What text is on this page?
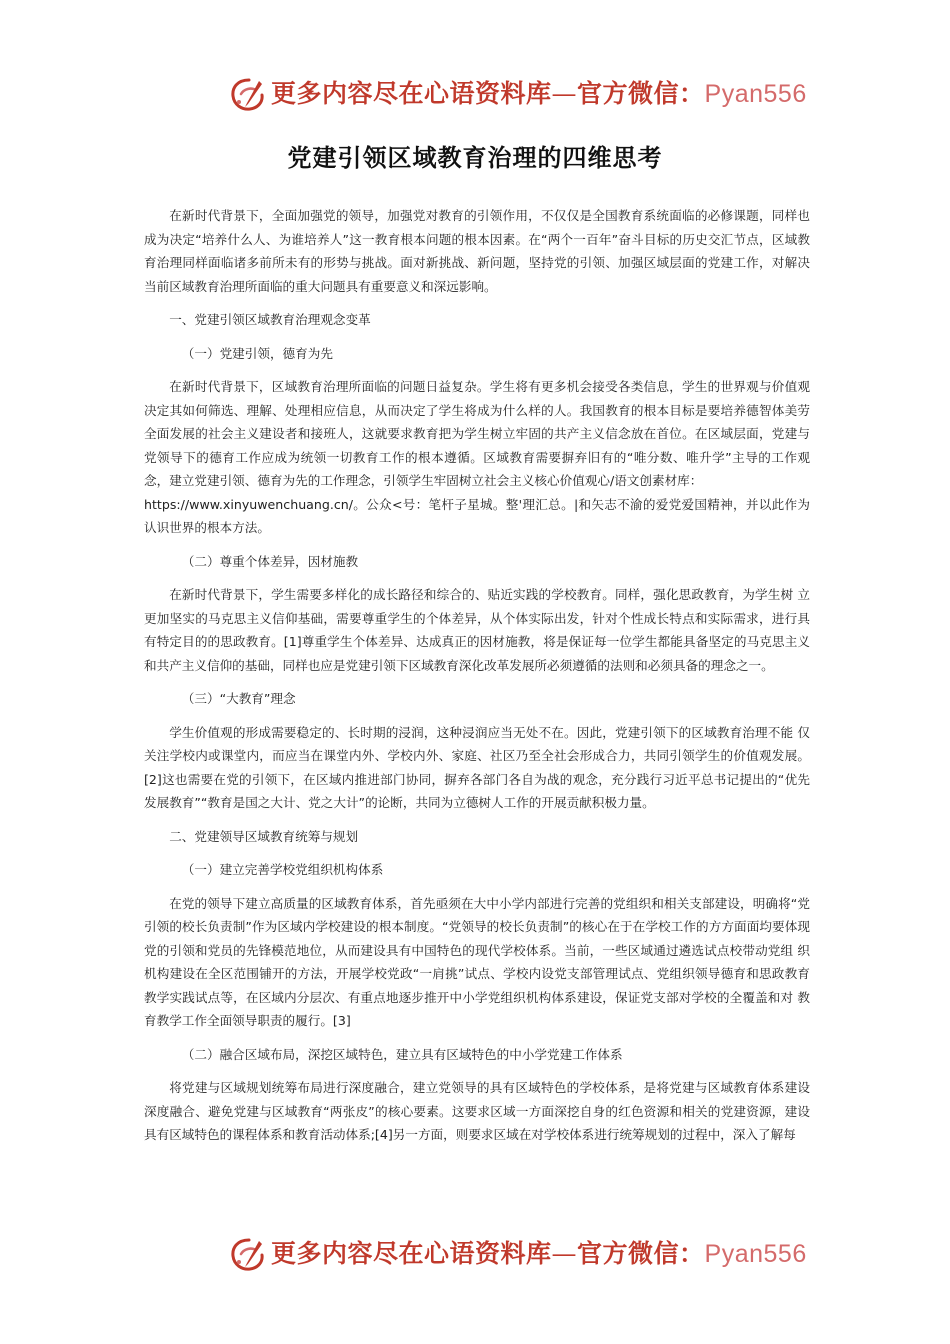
更多内容尽在心语资料库—官方微信：Pyan556
党建引领区域教育治理的四维思考

在新时代背景下，全面加强党的领导，加强党对教育的引领作用，不仅仅是全国教育系统面临的必修课题，同样也成为决定“培养什么人、为谁培养人”这一教育根本问题的根本因素。在“两个一百年”奋斗目标的历史交汇节点，区域教育治理同样面临诸多前所未有的形势与挑战。面对新挑战、新问题，坚持党的引领、加强区域层面的党建工作，对解决 当前区域教育治理所面临的重大问题具有重要意义和深远影响。

一、党建引领区域教育治理观念变革

（一）党建引领，德育为先

在新时代背景下，区域教育治理所面临的问题日益复杂。学生将有更多机会接受各类信息，学生的世界观与价值观决定其如何筛选、理解、处理相应信息，从而决定了学生将成为什么样的人。我国教育的根本目标是要培养德智体美劳全面发展的社会主义建设者和接班人，这就要求教育把为学生树立牢固的共产主义信念放在首位。在区域层面，党建与党领导下的德育工作应成为统领一切教育工作的根本遵循。区域教育需要摒弃旧有的“唯分数、唯升学”主导的工作观念，建立党建引领、德育为先的工作理念，引领学生牢固树立社会主义核心价值观心/语文创素材库：

https://www.xinyuwenchuang.cn/。公众<号：笔杆子星城。整'理汇总。|和矢志不渝的爱党爱国精神，并以此作为认识世界的根本方法。

（二）尊重个体差异，因材施教

在新时代背景下，学生需要多样化的成长路径和综合的、贴近实践的学校教育。同样，强化思政教育，为学生树 立更加坚实的马克思主义信仰基础，需要尊重学生的个体差异，从个体实际出发，针对个性成长特点和实际需求，进行具有特定目的的思政教育。[1]尊重学生个体差异、达成真正的因材施教，将是保证每一位学生都能具备坚定的马克思主义和共产主义信仰的基础，同样也应是党建引领下区域教育深化改革发展所必须遵循的法则和必须具备的理念之一。

（三）“大教育”理念

学生价值观的形成需要稳定的、长时期的浸润，这种浸润应当无处不在。因此，党建引领下的区域教育治理不能 仅关注学校内或课堂内，而应当在课堂内外、学校内外、家庭、社区乃至全社会形成合力，共同引领学生的价值观发展。[2]这也需要在党的引领下，在区域内推进部门协同，摒弃各部门各自为战的观念，充分践行习近平总书记提出的“优先 发展教育”“教育是国之大计、党之大计”的论断，共同为立德树人工作的开展贡献积极力量。

二、党建领导区域教育统筹与规划

（一）建立完善学校党组织机构体系

在党的领导下建立高质量的区域教育体系，首先亟须在大中小学内部进行完善的党组织和相关支部建设，明确将“党引领的校长负责制”作为区域内学校建设的根本制度。“党领导的校长负责制”的核心在于在学校工作的方方面面均要体现党的引领和党员的先锋模范地位，从而建设具有中国特色的现代学校体系。当前，一些区域通过遴选试点校带动党组 织机构建设在全区范围铺开的方法，开展学校党政“一肩挑”试点、学校内设党支部管理试点、党组织领导德育和思政教育教学实践试点等，在区域内分层次、有重点地逐步推开中小学党组织机构体系建设，保证党支部对学校的全覆盖和对 教育教学工作全面领导职责的履行。[3]

（二）融合区域布局，深挖区域特色，建立具有区域特色的中小学党建工作体系

将党建与区域规划统筹布局进行深度融合，建立党领导的具有区域特色的学校体系，是将党建与区域教育体系建设深度融合、避免党建与区域教育“两张皮”的核心要素。这要求区域一方面深挖自身的红色资源和相关的党建资源，建设具有区域特色的课程体系和教育活动体系;[4]另一方面，则要求区域在对学校体系进行统筹规划的过程中，深入了解每

更多内容尽在心语资料库—官方微信：Pyan556
